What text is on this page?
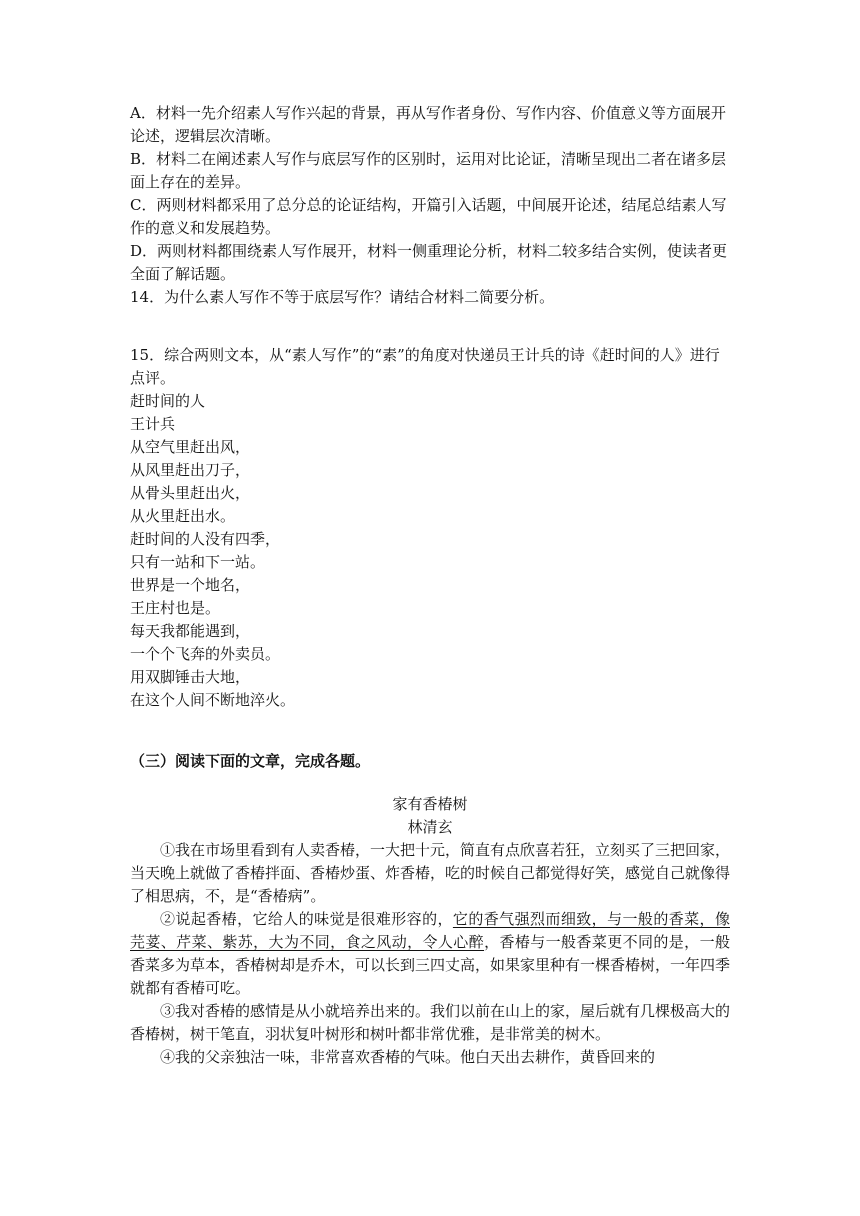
A．材料一先介绍素人写作兴起的背景，再从写作者身份、写作内容、价值意义等方面展开论述，逻辑层次清晰。
B．材料二在阐述素人写作与底层写作的区别时，运用对比论证，清晰呈现出二者在诸多层面上存在的差异。
C．两则材料都采用了总分总的论证结构，开篇引入话题，中间展开论述，结尾总结素人写作的意义和发展趋势。
D．两则材料都围绕素人写作展开，材料一侧重理论分析，材料二较多结合实例，使读者更全面了解话题。
14．为什么素人写作不等于底层写作？请结合材料二简要分析。
15．综合两则文本，从“素人写作”的“素”的角度对快递员王计兵的诗《赶时间的人》进行点评。
赶时间的人
王计兵
从空气里赶出风，
从风里赶出刀子，
从骨头里赶出火，
从火里赶出水。
赶时间的人没有四季，
只有一站和下一站。
世界是一个地名，
王庄村也是。
每天我都能遇到，
一个个飞奔的外卖员。
用双脚锤击大地，
在这个人间不断地淬火。
（三）阅读下面的文章，完成各题。
家有香椿树
林清玄
①我在市场里看到有人卖香椿，一大把十元，简直有点欣喜若狂，立刻买了三把回家，当天晚上就做了香椿拌面、香椿炒蛋、炸香椿，吃的时候自己都觉得好笑，感觉自己就像得了相思病，不，是“香椿病”。
②说起香椿，它给人的味觉是很难形容的，它的香气强烈而细致，与一般的香菜，像芫荽、芹菜、紫苏，大为不同，食之风动，令人心醉，香椿与一般香菜更不同的是，一般香菜多为草本，香椿树却是乔木，可以长到三四丈高，如果家里种有一棵香椿树，一年四季就都有香椿可吃。
③我对香椿的感情是从小就培养出来的。我们以前在山上的家，屋后就有几棵极高大的香椿树，树干笔直，羽状复叶树形和树叶都非常优雅，是非常美的树木。
④我的父亲独沽一味，非常喜欢香椿的气味。他白天出去耕作，黄昏回来的
